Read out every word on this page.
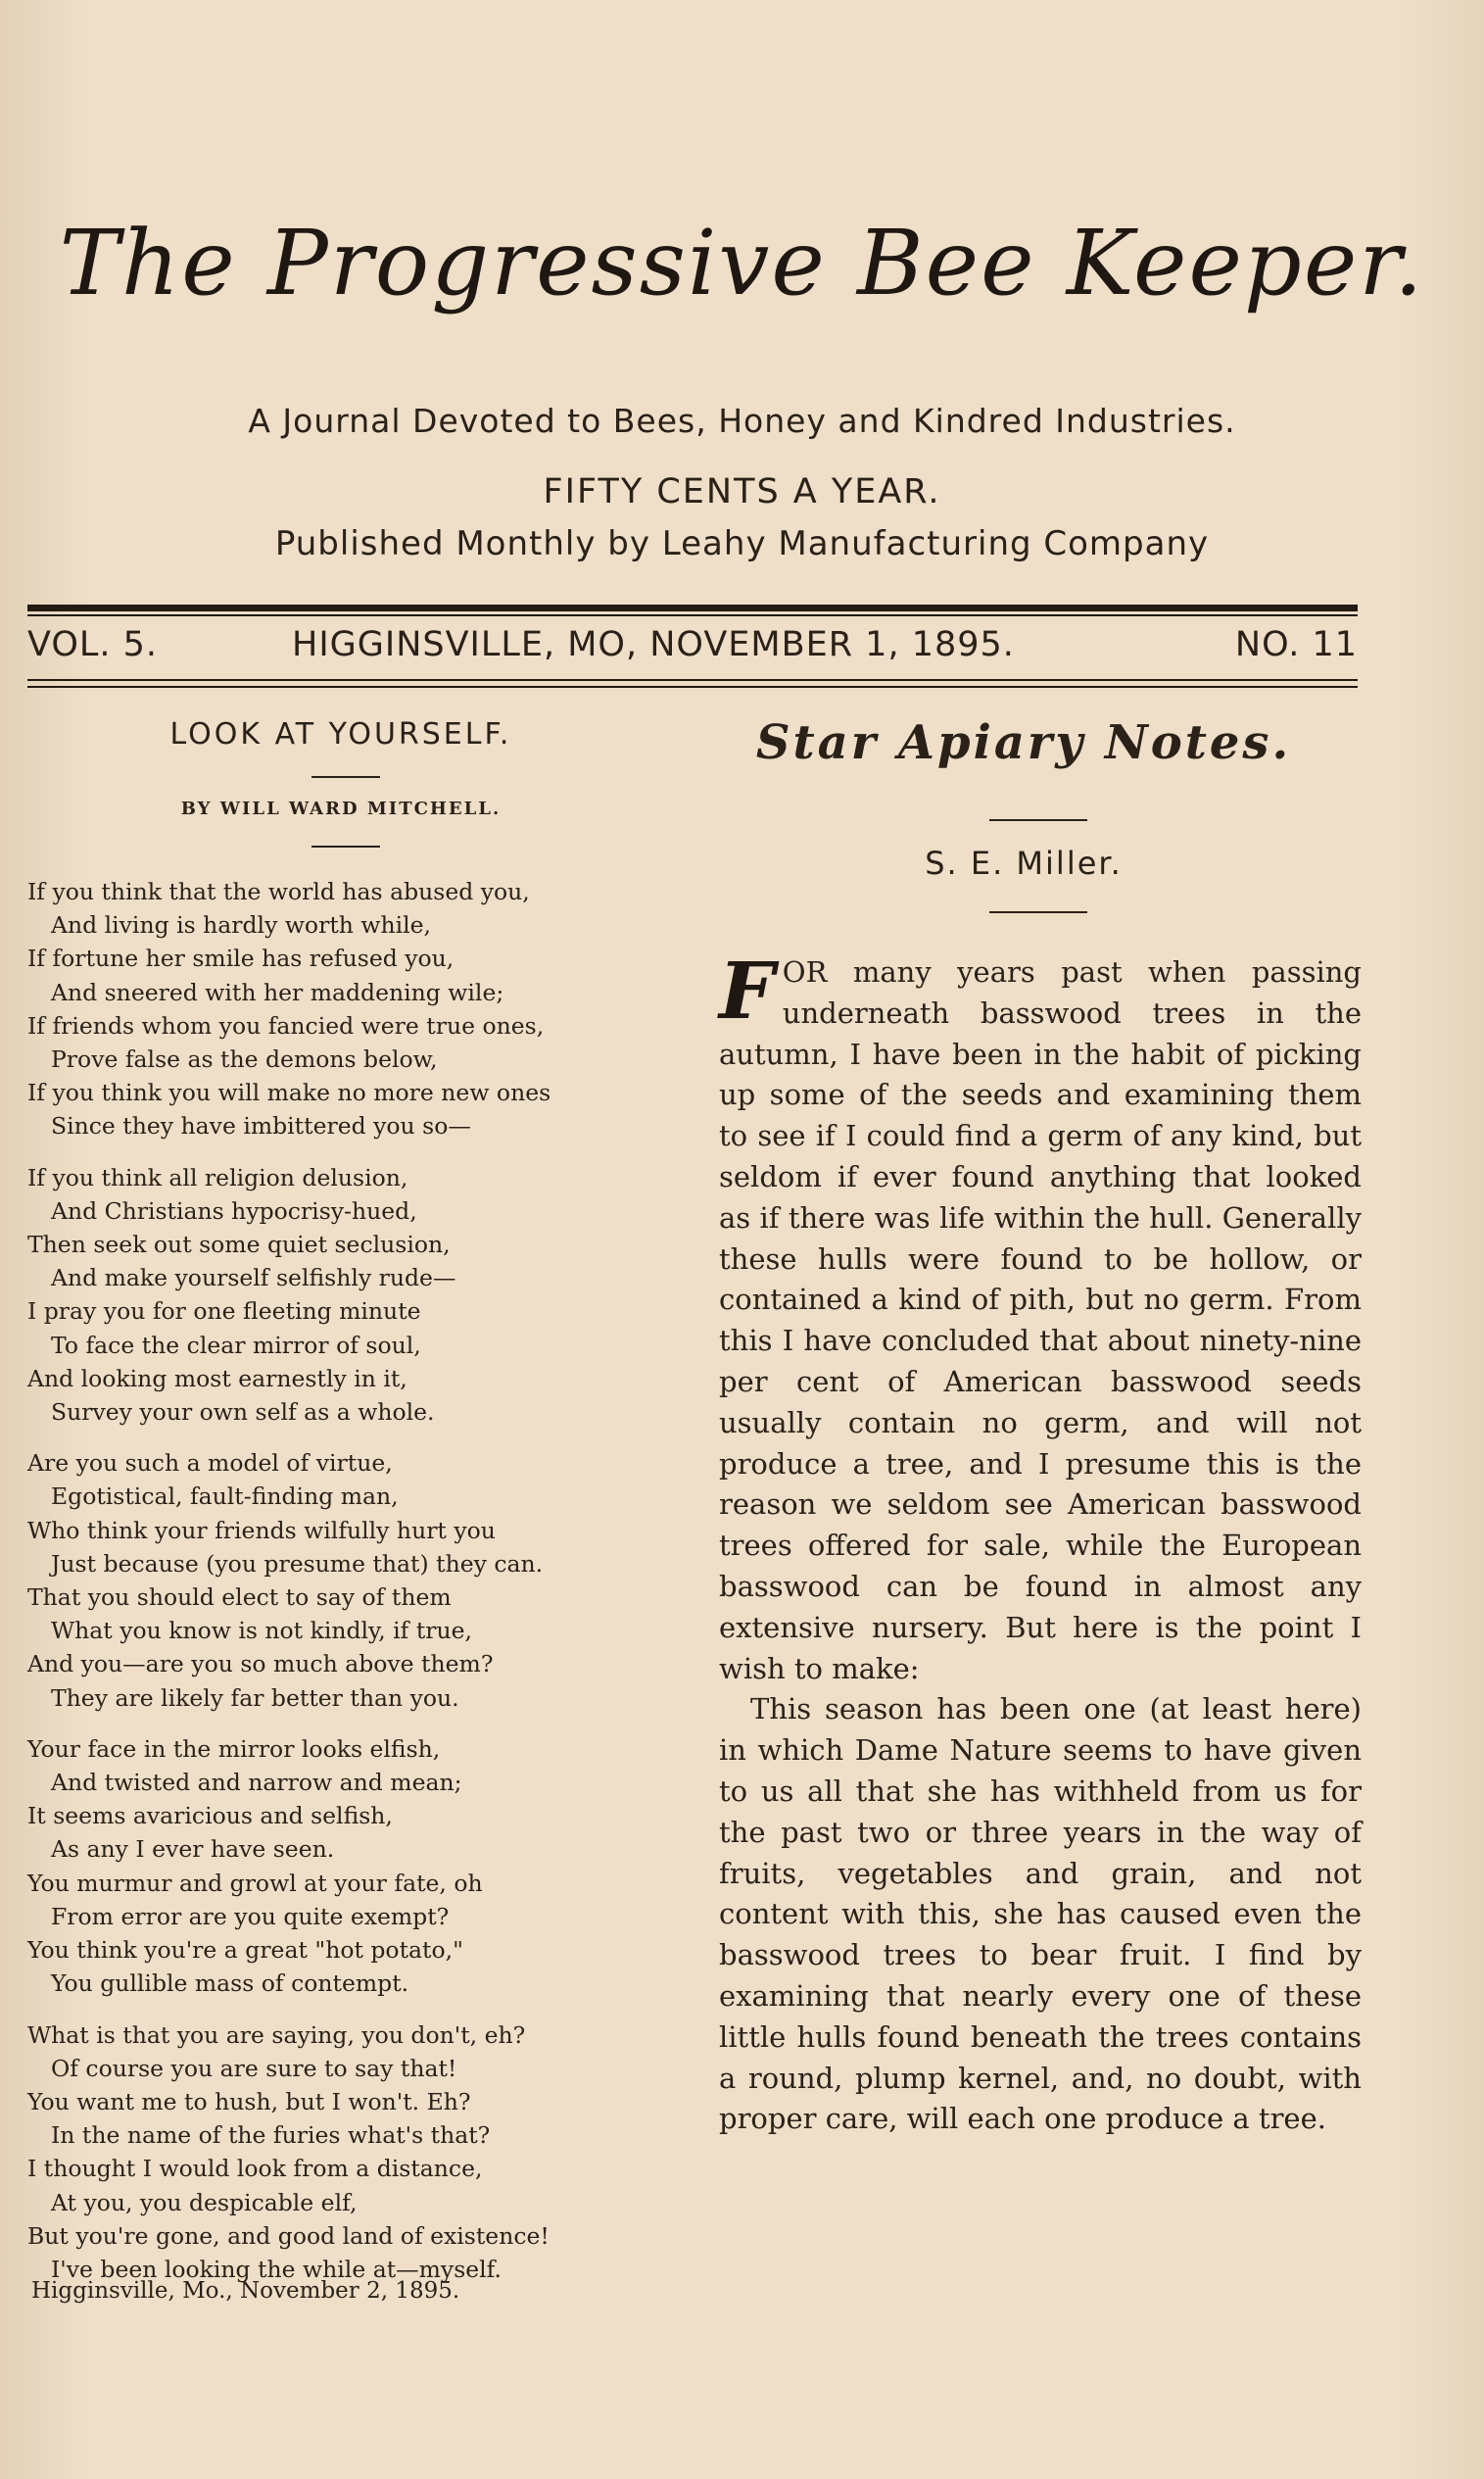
The Progressive Bee Keeper.
A Journal Devoted to Bees, Honey and Kindred Industries.
FIFTY CENTS A YEAR.
Published Monthly by Leahy Manufacturing Company
VOL. 5.	HIGGINSVILLE, MO, NOVEMBER 1, 1895.	NO. 11
LOOK AT YOURSELF.
BY WILL WARD MITCHELL.
If you think that the world has abused you,
And living is hardly worth while,
If fortune her smile has refused you,
And sneered with her maddening wile;
If friends whom you fancied were true ones,
Prove false as the demons below,
If you think you will make no more new ones
Since they have imbittered you so—
If you think all religion delusion,
And Christians hypocrisy-hued,
Then seek out some quiet seclusion,
And make yourself selfishly rude—
I pray you for one fleeting minute
To face the clear mirror of soul,
And looking most earnestly in it,
Survey your own self as a whole.
Are you such a model of virtue,
Egotistical, fault-finding man,
Who think your friends wilfully hurt you
Just because (you presume that) they can.
That you should elect to say of them
What you know is not kindly, if true,
And you—are you so much above them?
They are likely far better than you.
Your face in the mirror looks elfish,
And twisted and narrow and mean;
It seems avaricious and selfish,
As any I ever have seen.
You murmur and growl at your fate, oh
From error are you quite exempt?
You think you're a great "hot potato,"
You gullible mass of contempt.
What is that you are saying, you don't, eh?
Of course you are sure to say that!
You want me to hush, but I won't. Eh?
In the name of the furies what's that?
I thought I would look from a distance,
At you, you despicable elf,
But you're gone, and good land of existence!
I've been looking the while at—myself.
Higginsville, Mo., November 2, 1895.
Star Apiary Notes.
S. E. Miller.

FOR many years past when passing underneath basswood trees in the autumn, I have been in the habit of picking up some of the seeds and examining them to see if I could find a germ of any kind, but seldom if ever found anything that looked as if there was life within the hull. Generally these hulls were found to be hollow, or contained a kind of pith, but no germ. From this I have concluded that about ninety-nine per cent of American basswood seeds usually contain no germ, and will not produce a tree, and I presume this is the reason we seldom see American basswood trees offered for sale, while the European basswood can be found in almost any extensive nursery. But here is the point I wish to make:

This season has been one (at least here) in which Dame Nature seems to have given to us all that she has withheld from us for the past two or three years in the way of fruits, vegetables and grain, and not content with this, she has caused even the basswood trees to bear fruit. I find by examining that nearly every one of these little hulls found beneath the trees contains a round, plump kernel, and, no doubt, with proper care, will each one produce a tree.
